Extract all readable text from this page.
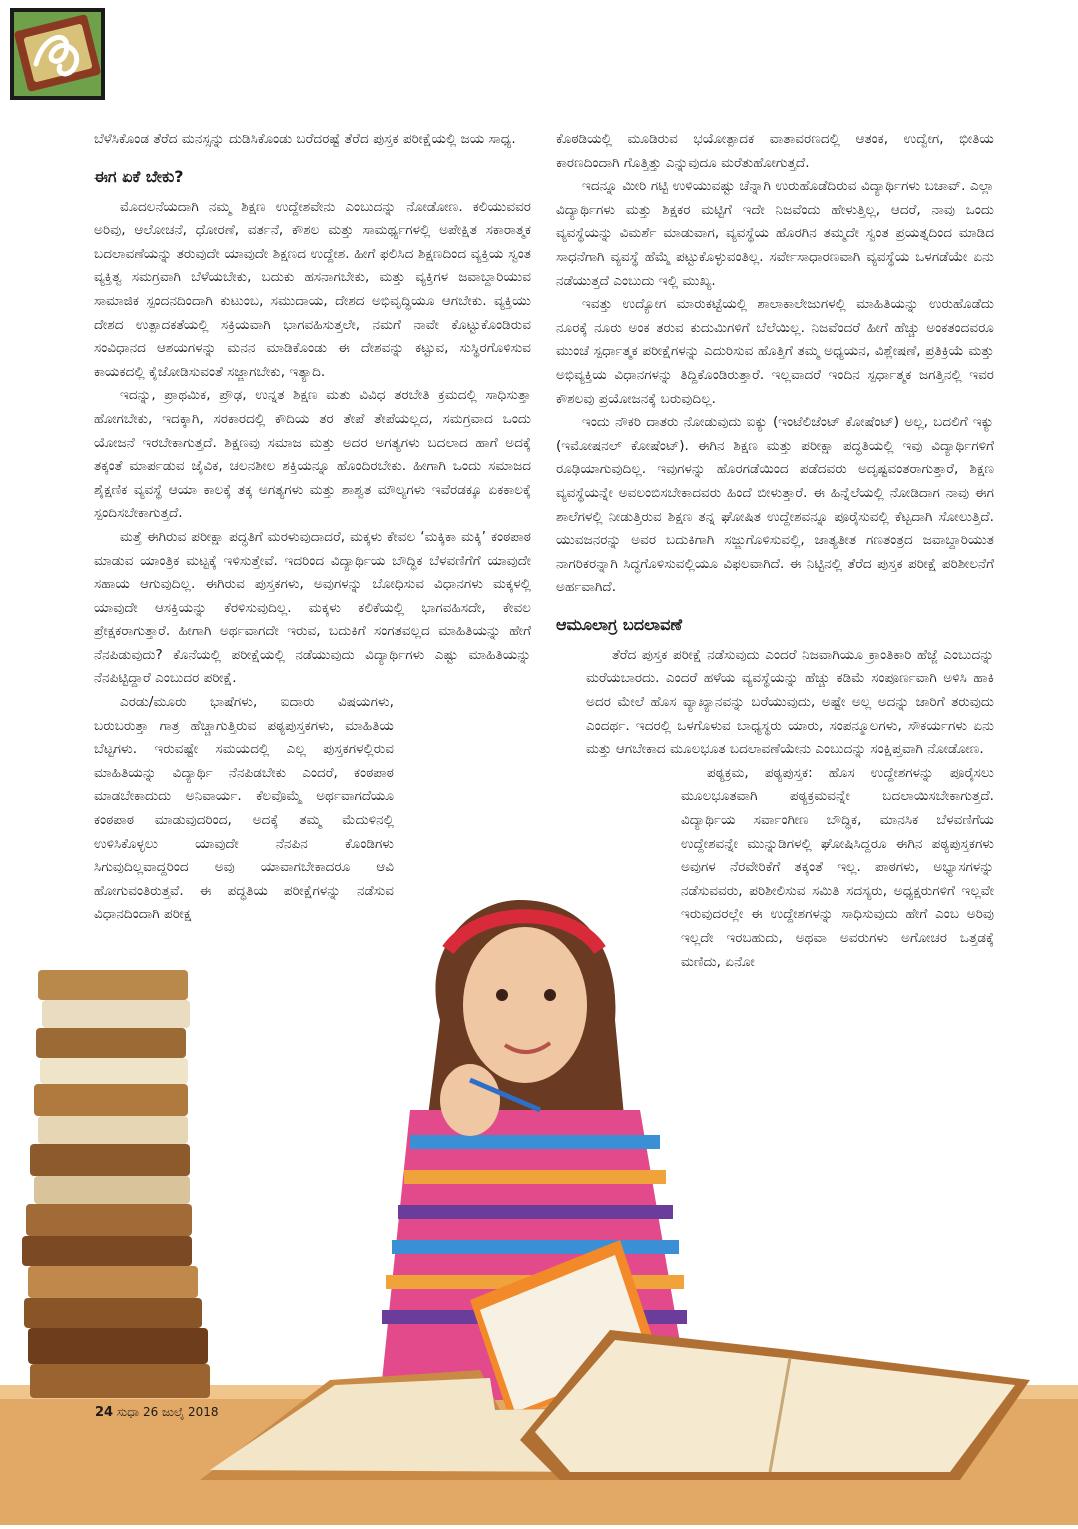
ಬೆಳೆಸಿಕೊಂಡ ತೆರೆದ ಮನಸ್ಸನ್ನು ದುಡಿಸಿಕೊಂಡು ಬರೆದರಷ್ಟೆ ತೆರೆದ ಪುಸ್ತಕ ಪರೀಕ್ಷೆಯಲ್ಲಿ ಜಯ ಸಾಧ್ಯ.

ಈಗ ಏಕೆ ಬೇಕು?

ಮೊದಲನೆಯದಾಗಿ ನಮ್ಮ ಶಿಕ್ಷಣ ಉದ್ದೇಶವೇನು ಎಂಬುದನ್ನು ನೋಡೋಣ. ಕಲಿಯುವವರ ಅರಿವು, ಆಲೋಚನೆ, ಧೋರಣೆ, ವರ್ತನೆ, ಕೌಶಲ ಮತ್ತು ಸಾಮರ್ಥ್ಯಗಳಲ್ಲಿ ಅಪೇಕ್ಷಿತ ಸಕಾರಾತ್ಮಕ ಬದಲಾವಣೆಯನ್ನು ತರುವುದೇ ಯಾವುದೇ ಶಿಕ್ಷಣದ ಉದ್ದೇಶ. ಹೀಗೆ ಫಲಿಸಿದ ಶಿಕ್ಷಣದಿಂದ ವ್ಯಕ್ತಿಯ ಸ್ವಂತ ವ್ಯಕ್ತಿತ್ವ ಸಮಗ್ರವಾಗಿ ಬೆಳೆಯಬೇಕು, ಬದುಕು ಹಸನಾಗಬೇಕು, ಮತ್ತು ವ್ಯಕ್ತಿಗಳ ಜವಾಬ್ದಾರಿಯುವ ಸಾಮಾಜಿಕ ಸ್ಪಂದನದಿಂದಾಗಿ ಕುಟುಂಬ, ಸಮುದಾಯ, ದೇಶದ ಅಭಿವೃದ್ಧಿಯೂ ಆಗಬೇಕು. ವ್ಯಕ್ತಿಯು ದೇಶದ ಉತ್ಪಾದಕತೆಯಲ್ಲಿ ಸಕ್ರಿಯವಾಗಿ ಭಾಗವಹಿಸುತ್ತಲೇ, ನಮಗೆ ನಾವೇ ಕೊಟ್ಟುಕೊಂಡಿರುವ ಸಂವಿಧಾನದ ಆಶಯಗಳನ್ನು ಮನನ ಮಾಡಿಕೊಂಡು ಈ ದೇಶವನ್ನು ಕಟ್ಟುವ, ಸುಸ್ಥಿರಗೊಳಿಸುವ ಕಾಯಕದಲ್ಲಿ ಕೈಜೋಡಿಸುವಂತೆ ಸಜ್ಜಾಗಬೇಕು, ಇತ್ಯಾದಿ.

ಇದನ್ನು, ಪ್ರಾಥಮಿಕ, ಪ್ರೌಢ, ಉನ್ನತ ಶಿಕ್ಷಣ ಮತು ವಿವಿಧ ತರಬೇತಿ ಕ್ರಮದಲ್ಲಿ ಸಾಧಿಸುತ್ತಾ ಹೋಗಬೇಕು, ಇದಕ್ಕಾಗಿ, ಸರಕಾರದಲ್ಲಿ ಕೌದಿಯ ತರ ತೇಪೆ ತೇಪೆಯಲ್ಲದ, ಸಮಗ್ರವಾದ ಒಂದು ಯೋಜನೆ ಇರಬೇಕಾಗುತ್ತದೆ. ಶಿಕ್ಷಣವು ಸಮಾಜ ಮತ್ತು ಅದರ ಅಗತ್ಯಗಳು ಬದಲಾದ ಹಾಗೆ ಅದಕ್ಕೆ ತಕ್ಕಂತೆ ಮಾರ್ಪಡುವ ಜೈವಿಕ, ಚಲನಶೀಲ ಶಕ್ತಿಯನ್ನೂ ಹೊಂದಿರಬೇಕು. ಹೀಗಾಗಿ ಒಂದು ಸಮಾಜದ ಶೈಕ್ಷಣಿಕ ವ್ಯವಸ್ಥೆ ಆಯಾ ಕಾಲಕ್ಕೆ ತಕ್ಕ ಅಗತ್ಯಗಳು ಮತ್ತು ಶಾಶ್ವತ ಮೌಲ್ಯಗಳು ಇವೆರಡಕ್ಕೂ ಏಕಕಾಲಕ್ಕೆ ಸ್ಪಂದಿಸಬೇಕಾಗುತ್ತದೆ.

ಮತ್ತೆ ಈಗಿರುವ ಪರೀಕ್ಷಾ ಪದ್ಧತಿಗೆ ಮರಳುವುದಾದರೆ, ಮಕ್ಕಳು ಕೇವಲ ‘ಮಕ್ಕಿಕಾ ಮಕ್ಕಿ’ ಕಂಠಪಾಠ ಮಾಡುವ ಯಾಂತ್ರಿಕ ಮಟ್ಟಕ್ಕೆ ಇಳಿಸುತ್ತೇವೆ. ಇದರಿಂದ ವಿದ್ಯಾರ್ಥಿಯ ಬೌದ್ಧಿಕ ಬೆಳವಣಿಗೆಗೆ ಯಾವುದೇ ಸಹಾಯ ಆಗುವುದಿಲ್ಲ. ಈಗಿರುವ ಪುಸ್ತಕಗಳು, ಅವುಗಳನ್ನು ಬೋಧಿಸುವ ವಿಧಾನಗಳು ಮಕ್ಕಳಲ್ಲಿ ಯಾವುದೇ ಆಸಕ್ತಿಯನ್ನು ಕೆರಳಿಸುವುದಿಲ್ಲ. ಮಕ್ಕಳು ಕಲಿಕೆಯಲ್ಲಿ ಭಾಗವಹಿಸದೇ, ಕೇವಲ ಪ್ರೇಕ್ಷಕರಾಗುತ್ತಾರೆ. ಹೀಗಾಗಿ ಅರ್ಥವಾಗದೇ ಇರುವ, ಬದುಕಿಗೆ ಸಂಗತವಲ್ಲದ ಮಾಹಿತಿಯನ್ನು ಹೇಗೆ ನೆನಪಿಡುವುದು? ಕೊನೆಯಲ್ಲಿ ಪರೀಕ್ಷೆಯಲ್ಲಿ ನಡೆಯುವುದು ವಿದ್ಯಾರ್ಥಿಗಳು ಎಷ್ಟು ಮಾಹಿತಿಯನ್ನು ನೆನಪಿಟ್ಟಿದ್ದಾರೆ ಎಂಬುದರ ಪರೀಕ್ಷೆ.

ಎರಡು/ಮೂರು ಭಾಷೆಗಳು, ಐದಾರು ವಿಷಯಗಳು, ಬರುಬರುತ್ತಾ ಗಾತ್ರ ಹೆಚ್ಚಾಗುತ್ತಿರುವ ಪಠ್ಯಪುಸ್ತಕಗಳು, ಮಾಹಿತಿಯ ಬೆಟ್ಟಗಳು. ಇರುವಷ್ಟೇ ಸಮಯದಲ್ಲಿ ಎಲ್ಲ ಪುಸ್ತಕಗಳಲ್ಲಿರುವ ಮಾಹಿತಿಯನ್ನು ವಿದ್ಯಾರ್ಥಿ ನೆನಪಿಡಬೇಕು ಎಂದರೆ, ಕಂಠಪಾಠ ಮಾಡಬೇಕಾದುದು ಅನಿವಾರ್ಯ. ಕೆಲವೊಮ್ಮೆ ಅರ್ಥವಾಗದೆಯೂ ಕಂಠಪಾಠ ಮಾಡುವುದರಿಂದ, ಅದಕ್ಕೆ ತಮ್ಮ ಮೆದುಳಿನಲ್ಲಿ ಉಳಿಸಿಕೊಳ್ಳಲು ಯಾವುದೇ ನೆನಪಿನ ಕೊಂಡಿಗಳು ಸಿಗುವುದಿಲ್ಲವಾದ್ದರಿಂದ ಅವು ಯಾವಾಗಬೇಕಾದರೂ ಆವಿ ಹೋಗುವಂತಿರುತ್ತವೆ. ಈ ಪದ್ಧತಿಯ ಪರೀಕ್ಷೆಗಳನ್ನು ನಡೆಸುವ ವಿಧಾನದಿಂದಾಗಿ ಪರೀಕ್ಷ

ಕೊಠಡಿಯಲ್ಲಿ ಮೂಡಿರುವ ಭಯೋತ್ಪಾದಕ ವಾತಾವರಣದಲ್ಲಿ ಆತಂಕ, ಉದ್ವೇಗ, ಭೀತಿಯ ಕಾರಣದಿಂದಾಗಿ ಗೊತ್ತಿತ್ತು ಎನ್ನುವುದೂ ಮರೆತುಹೋಗುತ್ತದೆ.

ಇದನ್ನೂ ಮೀರಿ ಗಟ್ಟಿ ಉಳಿಯುವಷ್ಟು ಚೆನ್ನಾಗಿ ಉರುಹೊಡೆದಿರುವ ವಿದ್ಯಾರ್ಥಿಗಳು ಬಚಾವ್. ಎಲ್ಲಾ ವಿದ್ಯಾರ್ಥಿಗಳು ಮತ್ತು ಶಿಕ್ಷಕರ ಮಟ್ಟಿಗೆ ಇದೇ ನಿಜವೆಂದು ಹೇಳುತ್ತಿಲ್ಲ, ಆದರೆ, ನಾವು ಒಂದು ವ್ಯವಸ್ಥೆಯನ್ನು ವಿಮರ್ಶೆ ಮಾಡುವಾಗ, ವ್ಯವಸ್ಥೆಯ ಹೊರಗಿನ ತಮ್ಮದೇ ಸ್ವಂತ ಪ್ರಯತ್ನದಿಂದ ಮಾಡಿದ ಸಾಧನೆಗಾಗಿ ವ್ಯವಸ್ಥೆ ಹೆಮ್ಮೆ ಪಟ್ಟುಕೊಳ್ಳುವಂತಿಲ್ಲ. ಸರ್ವೇಸಾಧಾರಣವಾಗಿ ವ್ಯವಸ್ಥೆಯ ಒಳಗಡೆಯೇ ಏನು ನಡೆಯುತ್ತದೆ ಎಂಬುದು ಇಲ್ಲಿ ಮುಖ್ಯ.

ಇವತ್ತು ಉದ್ಯೋಗ ಮಾರುಕಟ್ಟೆಯಲ್ಲಿ ಶಾಲಾಕಾಲೇಜುಗಳಲ್ಲಿ ಮಾಹಿತಿಯನ್ನು ಉರುಹೊಡೆದು ನೂರಕ್ಕೆ ನೂರು ಅಂಕ ತರುವ ಕುದುಮಿಗಳಿಗೆ ಬೆಲೆಯಿಲ್ಲ. ನಿಜವೆಂದರೆ ಹೀಗೆ ಹೆಚ್ಚು ಅಂಕತಂದವರೂ ಮುಂಚೆ ಸ್ಪರ್ಧಾತ್ಮಕ ಪರೀಕ್ಷೆಗಳನ್ನು ಎದುರಿಸುವ ಹೊತ್ತಿಗೆ ತಮ್ಮ ಅಧ್ಯಯನ, ವಿಶ್ಲೇಷಣೆ, ಪ್ರತಿಕ್ರಿಯೆ ಮತ್ತು ಅಭಿವ್ಯಕ್ತಿಯ ವಿಧಾನಗಳನ್ನು ತಿದ್ದಿಕೊಂಡಿರುತ್ತಾರೆ. ಇಲ್ಲವಾದರೆ ಇಂದಿನ ಸ್ಪರ್ಧಾತ್ಮಕ ಜಗತ್ತಿನಲ್ಲಿ ಇವರ ಕೌಶಲವು ಪ್ರಯೋಜನಕ್ಕೆ ಬರುವುದಿಲ್ಲ.

ಇಂದು ನೌಕರಿ ದಾತರು ನೋಡುವುದು ಐಕ್ಯು (ಇಂಟೆಲಿಜೆಂಟ್ ಕೋಷೆಂಟ್) ಅಲ್ಲ, ಬದಲಿಗೆ ಇಕ್ಯು (ಇಮೋಷನಲ್ ಕೋಷೆಂಟ್). ಈಗಿನ ಶಿಕ್ಷಣ ಮತ್ತು ಪರೀಕ್ಷಾ ಪದ್ಧತಿಯಲ್ಲಿ ಇವು ವಿದ್ಯಾರ್ಥಿಗಳಿಗೆ ರೂಢಿಯಾಗುವುದಿಲ್ಲ. ಇವುಗಳನ್ನು ಹೊರಗಡೆಯಿಂದ ಪಡೆದವರು ಅದೃಷ್ಟವಂತರಾಗುತ್ತಾರೆ, ಶಿಕ್ಷಣ ವ್ಯವಸ್ಥೆಯನ್ನೇ ಅವಲಂಬಿಸಬೇಕಾದವರು ಹಿಂದೆ ಬೀಳುತ್ತಾರೆ. ಈ ಹಿನ್ನೆಲೆಯಲ್ಲಿ ನೋಡಿದಾಗ ನಾವು ಈಗ ಶಾಲೆಗಳಲ್ಲಿ ನೀಡುತ್ತಿರುವ ಶಿಕ್ಷಣ ತನ್ನ ಘೋಷಿತ ಉದ್ದೇಶವನ್ನೂ ಪೂರೈಸುವಲ್ಲಿ ಕೆಟ್ಟದಾಗಿ ಸೋಲುತ್ತಿದೆ. ಯುವಜನರನ್ನು ಅವರ ಬದುಕಿಗಾಗಿ ಸಜ್ಜುಗೊಳಿಸುವಲ್ಲಿ, ಜಾತ್ಯತೀತ ಗಣತಂತ್ರದ ಜವಾಬ್ದಾರಿಯುತ ನಾಗರಿಕರನ್ನಾಗಿ ಸಿದ್ಧಗೊಳಿಸುವಲ್ಲಿಯೂ ವಿಫಲವಾಗಿದೆ. ಈ ನಿಟ್ಟಿನಲ್ಲಿ ತೆರೆದ ಪುಸ್ತಕ ಪರೀಕ್ಷೆ ಪರಿಶೀಲನೆಗೆ ಅರ್ಹವಾಗಿದೆ.

ಆಮೂಲಾಗ್ರ ಬದಲಾವಣೆ

ತೆರೆದ ಪುಸ್ತಕ ಪರೀಕ್ಷೆ ನಡೆಸುವುದು ಎಂದರೆ ನಿಜವಾಗಿಯೂ ಕ್ರಾಂತಿಕಾರಿ ಹೆಜ್ಜೆ ಎಂಬುದನ್ನು ಮರೆಯಬಾರದು. ಎಂದರೆ ಹಳೆಯ ವ್ಯವಸ್ಥೆಯನ್ನು ಹೆಚ್ಚು ಕಡಿಮೆ ಸಂಪೂರ್ಣವಾಗಿ ಅಳಿಸಿ ಹಾಕಿ ಅದರ ಮೇಲೆ ಹೊಸ ವ್ಯಾಖ್ಯಾನವನ್ನು ಬರೆಯುವುದು, ಅಷ್ಟೇ ಅಲ್ಲ ಅದನ್ನು ಜಾರಿಗೆ ತರುವುದು ಎಂದರ್ಥ. ಇದರಲ್ಲಿ ಒಳಗೊಳುವ ಬಾಧ್ಯಸ್ಥರು ಯಾರು, ಸಂಪನ್ಮೂಲಗಳು, ಸೌಕರ್ಯಗಳು ಏನು ಮತ್ತು ಆಗಬೇಕಾದ ಮೂಲಭೂತ ಬದಲಾವಣೆಯೇನು ಎಂಬುದನ್ನು ಸಂಕ್ಷಿಪ್ತವಾಗಿ ನೋಡೋಣ.

ಪಠ್ಯಕ್ರಮ, ಪಠ್ಯಪುಸ್ತಕ: ಹೊಸ ಉದ್ದೇಶಗಳನ್ನು ಪೂರೈಸಲು ಮೂಲಭೂತವಾಗಿ ಪಠ್ಯಕ್ರಮವನ್ನೇ ಬದಲಾಯಿಸಬೇಕಾಗುತ್ತದೆ. ವಿದ್ಯಾರ್ಥಿಯ ಸರ್ವಾಂಗೀಣ ಬೌದ್ಧಿಕ, ಮಾನಸಿಕ ಬೆಳವಣಿಗೆಯ ಉದ್ದೇಶವನ್ನೇ ಮುನ್ನುಡಿಗಳಲ್ಲಿ ಘೋಷಿಸಿದ್ದರೂ ಈಗಿನ ಪಠ್ಯಪುಸ್ತಕಗಳು ಅವುಗಳ ನೆರವೇರಿಕೆಗೆ ತಕ್ಕಂತೆ ಇಲ್ಲ. ಪಾಠಗಳು, ಅಭ್ಯಾಸಗಳನ್ನು ನಡೆಸುವವರು, ಪರಿಶೀಲಿಸುವ ಸಮಿತಿ ಸದಸ್ಯರು, ಅಧ್ಯಕ್ಷರುಗಳಿಗೆ ಇಲ್ಲವೇ ಇರುವುದರಲ್ಲೇ ಈ ಉದ್ದೇಶಗಳನ್ನು ಸಾಧಿಸುವುದು ಹೇಗೆ ಎಂಬ ಅರಿವು ಇಲ್ಲದೇ ಇರಬಹುದು, ಅಥವಾ ಅವರುಗಳು ಅಗೋಚರ ಒತ್ತಡಕ್ಕೆ ಮಣಿದು, ಏನೋ

24 ಸುಧಾ 26 ಜುಲೈ 2018
